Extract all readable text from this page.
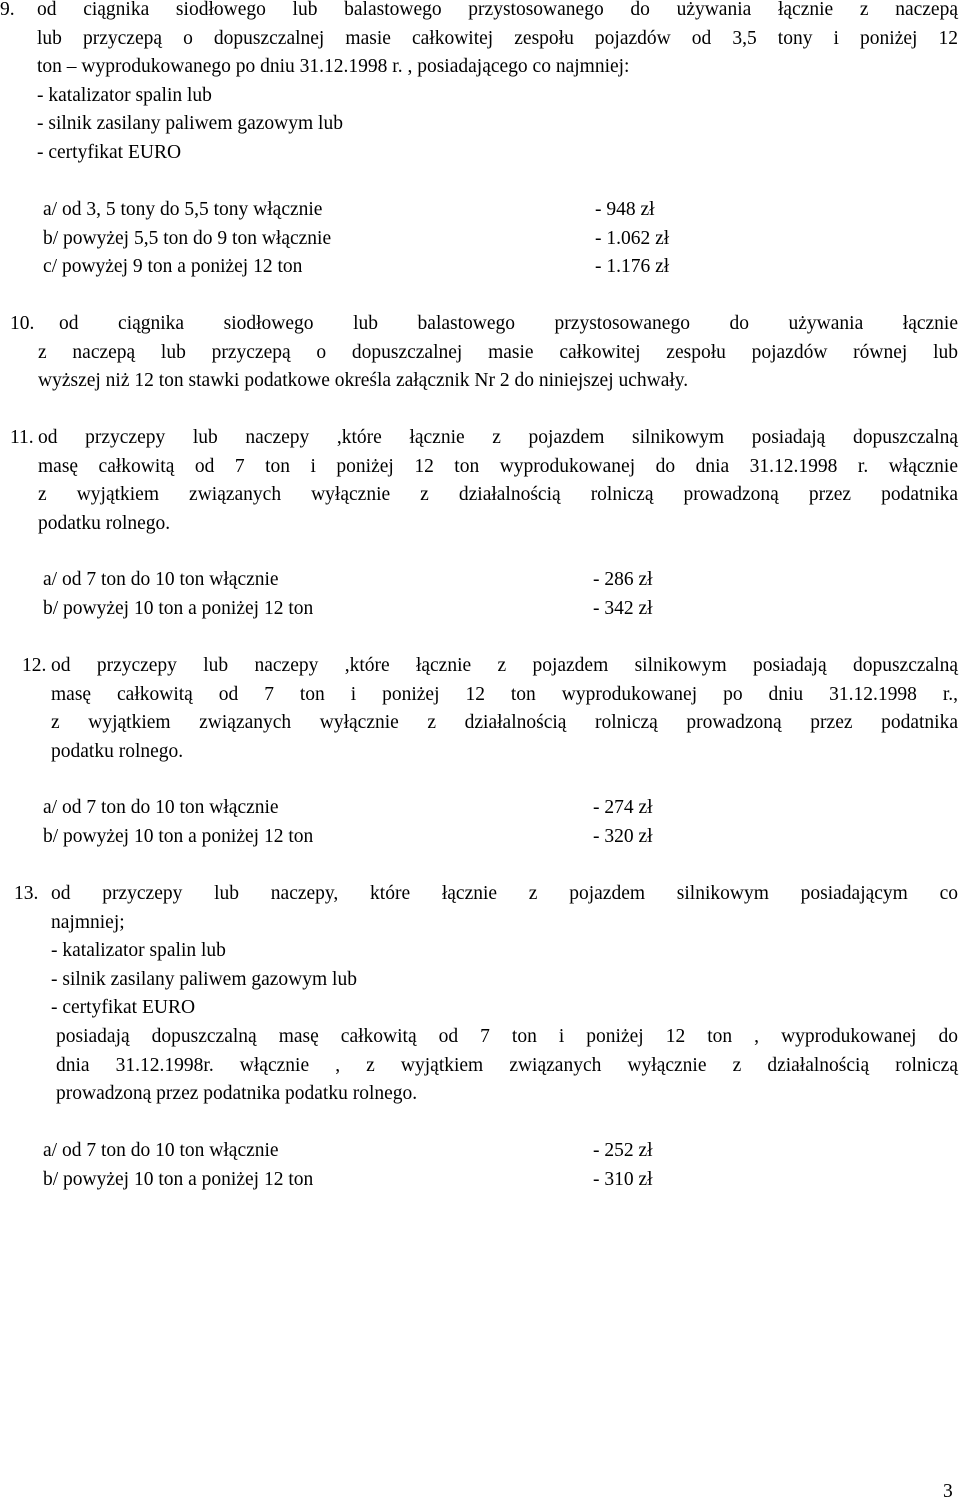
9. od ciągnika siodłowego lub balastowego przystosowanego do używania łącznie z naczepą
lub przyczepą o dopuszczalnej masie całkowitej zespołu pojazdów od 3,5 tony i poniżej 12
ton – wyprodukowanego po dniu 31.12.1998 r. , posiadającego co najmniej:
- katalizator spalin lub
- silnik zasilany paliwem gazowym lub
- certyfikat EURO
a/ od 3, 5 tony do 5,5 tony włącznie	- 948 zł
b/ powyżej 5,5 ton do 9 ton włącznie	- 1.062 zł
c/ powyżej 9 ton a poniżej 12 ton	- 1.176 zł
10. od ciągnika siodłowego lub balastowego przystosowanego do używania łącznie
z naczepą lub przyczepą o dopuszczalnej masie całkowitej zespołu pojazdów równej lub
wyższej niż 12 ton stawki podatkowe określa załącznik Nr 2 do niniejszej uchwały.
11. od przyczepy lub naczepy ,które łącznie z pojazdem silnikowym posiadają dopuszczalną
masę całkowitą od 7 ton i poniżej 12 ton wyprodukowanej do dnia 31.12.1998 r. włącznie
z wyjątkiem związanych wyłącznie z działalnością rolniczą prowadzoną przez podatnika
podatku rolnego.
a/ od 7 ton do 10 ton włącznie	- 286 zł
b/ powyżej 10 ton a poniżej 12 ton	- 342 zł
12. od przyczepy lub naczepy ,które łącznie z pojazdem silnikowym posiadają dopuszczalną
masę całkowitą od 7 ton i poniżej 12 ton wyprodukowanej po dniu 31.12.1998 r.,
z wyjątkiem związanych wyłącznie z działalnością rolniczą prowadzoną przez podatnika
podatku rolnego.
a/ od 7 ton do 10 ton włącznie	- 274 zł
b/ powyżej 10 ton a poniżej 12 ton	- 320 zł
13. od przyczepy lub naczepy, które łącznie z pojazdem silnikowym posiadającym co
najmniej;
- katalizator spalin lub
- silnik zasilany paliwem gazowym lub
- certyfikat EURO
posiadają dopuszczalną masę całkowitą od 7 ton i poniżej 12 ton , wyprodukowanej do
dnia 31.12.1998r. włącznie , z wyjątkiem związanych wyłącznie z działalnością rolniczą
prowadzoną przez podatnika podatku rolnego.
a/ od 7 ton do 10 ton włącznie	- 252 zł
b/ powyżej 10 ton a poniżej 12 ton	- 310 zł
3
